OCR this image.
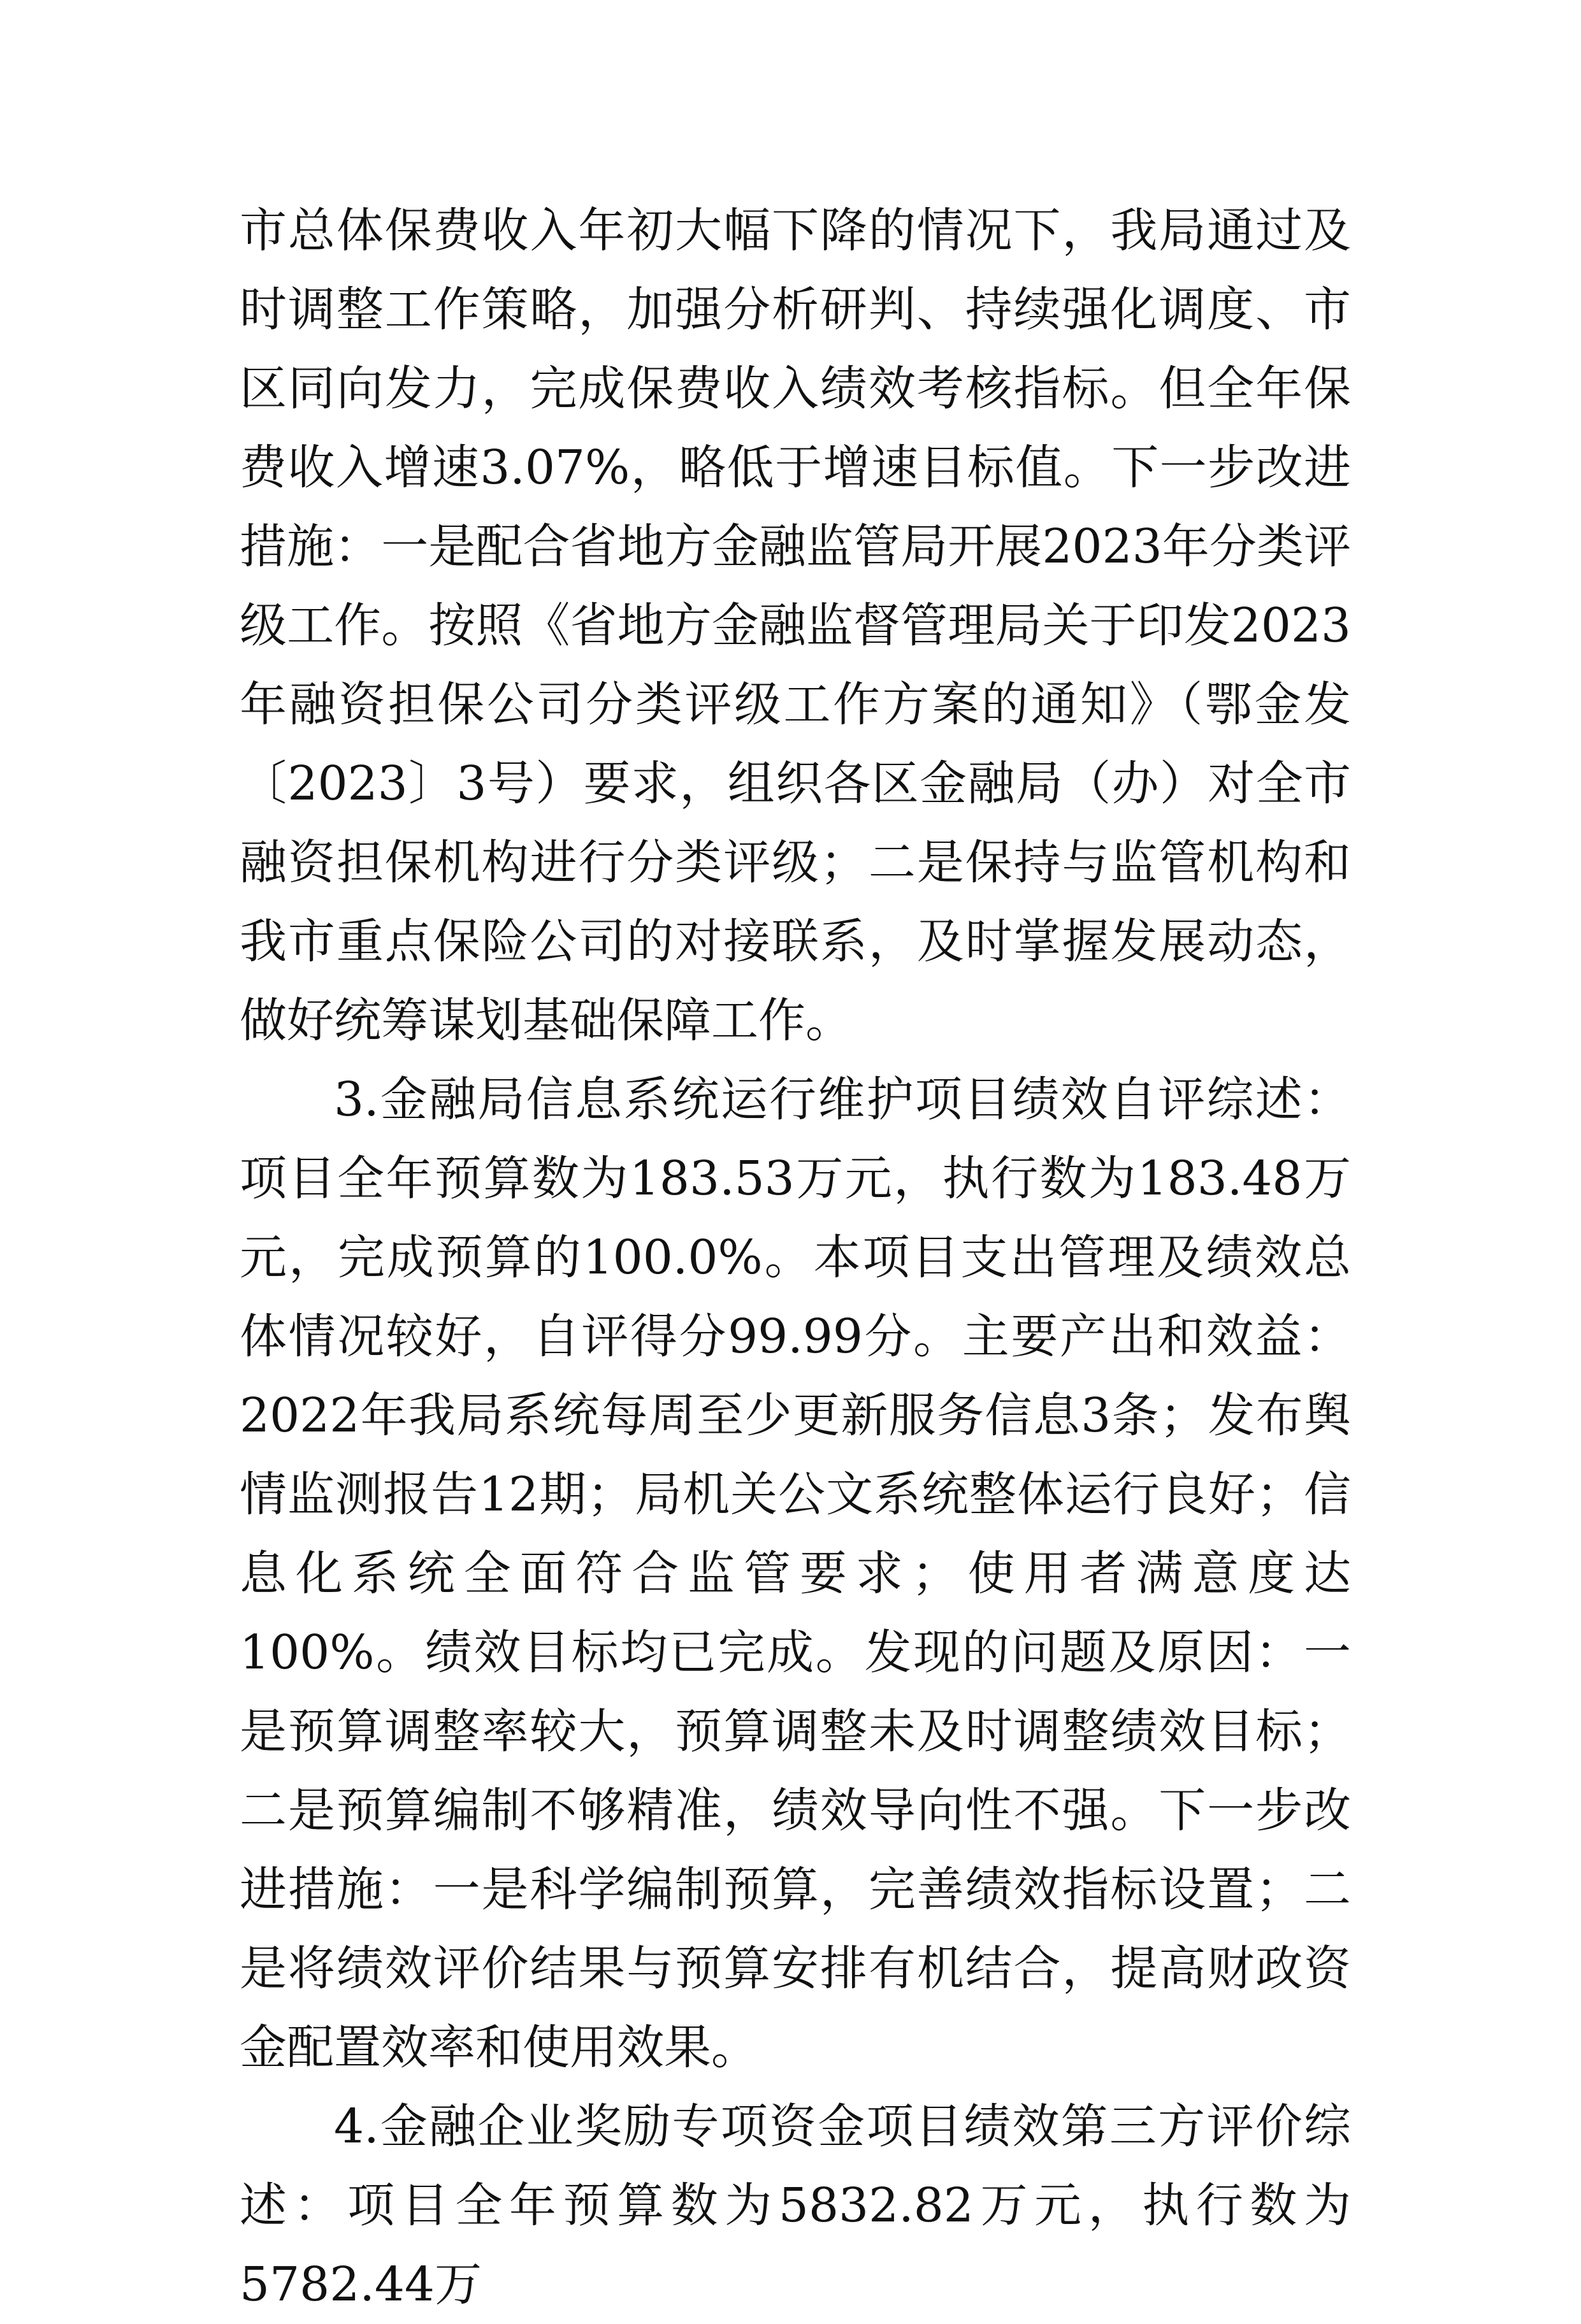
市总体保费收入年初大幅下降的情况下，我局通过及时调整工作策略，加强分析研判、持续强化调度、市区同向发力，完成保费收入绩效考核指标。但全年保费收入增速3.07%，略低于增速目标值。下一步改进措施：一是配合省地方金融监管局开展2023年分类评级工作。按照《省地方金融监督管理局关于印发2023年融资担保公司分类评级工作方案的通知》（鄂金发〔2023〕3号）要求，组织各区金融局（办）对全市融资担保机构进行分类评级；二是保持与监管机构和我市重点保险公司的对接联系，及时掌握发展动态，做好统筹谋划基础保障工作。

3.金融局信息系统运行维护项目绩效自评综述：项目全年预算数为183.53万元，执行数为183.48万元，完成预算的100.0%。本项目支出管理及绩效总体情况较好，自评得分99.99分。主要产出和效益：2022年我局系统每周至少更新服务信息3条；发布舆情监测报告12期；局机关公文系统整体运行良好；信息化系统全面符合监管要求；使用者满意度达100%。绩效目标均已完成。发现的问题及原因：一是预算调整率较大，预算调整未及时调整绩效目标；二是预算编制不够精准，绩效导向性不强。下一步改进措施：一是科学编制预算，完善绩效指标设置；二是将绩效评价结果与预算安排有机结合，提高财政资金配置效率和使用效果。

4.金融企业奖励专项资金项目绩效第三方评价综述：项目全年预算数为5832.82万元，执行数为5782.44万
